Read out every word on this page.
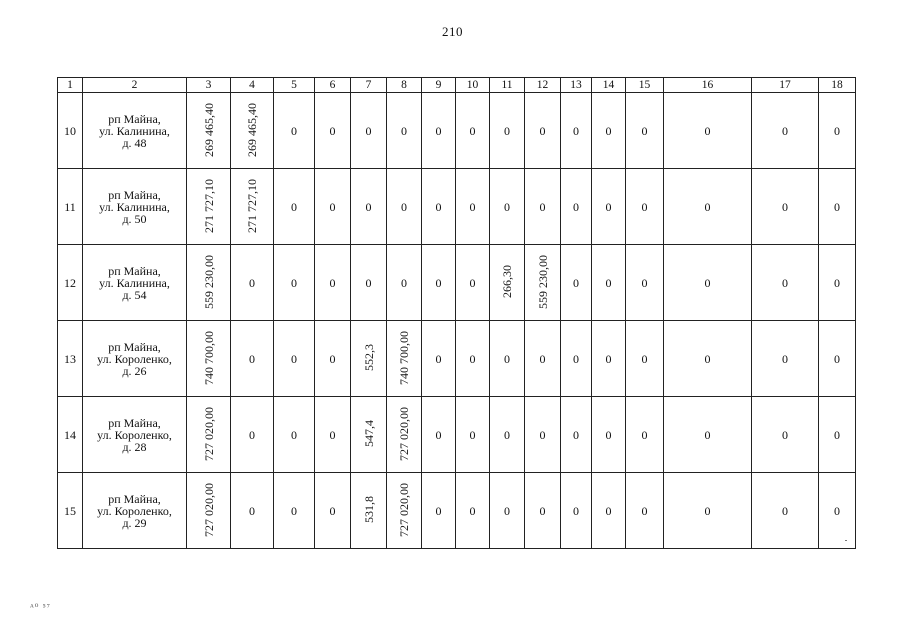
210
1	2	3	4	5	6	7	8	9	10	11	12	13	14	15	16	17	18
10	рп Майна,
ул. Калинина,
д. 48	269 465,40	269 465,40	0	0	0	0	0	0	0	0	0	0	0	0	0	0
11	рп Майна,
ул. Калинина,
д. 50	271 727,10	271 727,10	0	0	0	0	0	0	0	0	0	0	0	0	0	0
12	рп Майна,
ул. Калинина,
д. 54	559 230,00	0	0	0	0	0	0	0	266,30	559 230,00	0	0	0	0	0	0
13	рп Майна,
ул. Короленко,
д. 26	740 700,00	0	0	0	552,3	740 700,00	0	0	0	0	0	0	0	0	0	0
14	рп Майна,
ул. Короленко,
д. 28	727 020,00	0	0	0	547,4	727 020,00	0	0	0	0	0	0	0	0	0	0
15	рп Майна,
ул. Короленко,
д. 29	727 020,00	0	0	0	531,8	727 020,00	0	0	0	0	0	0	0	0	0	0
ᴬ⁰ ⁵⁷
